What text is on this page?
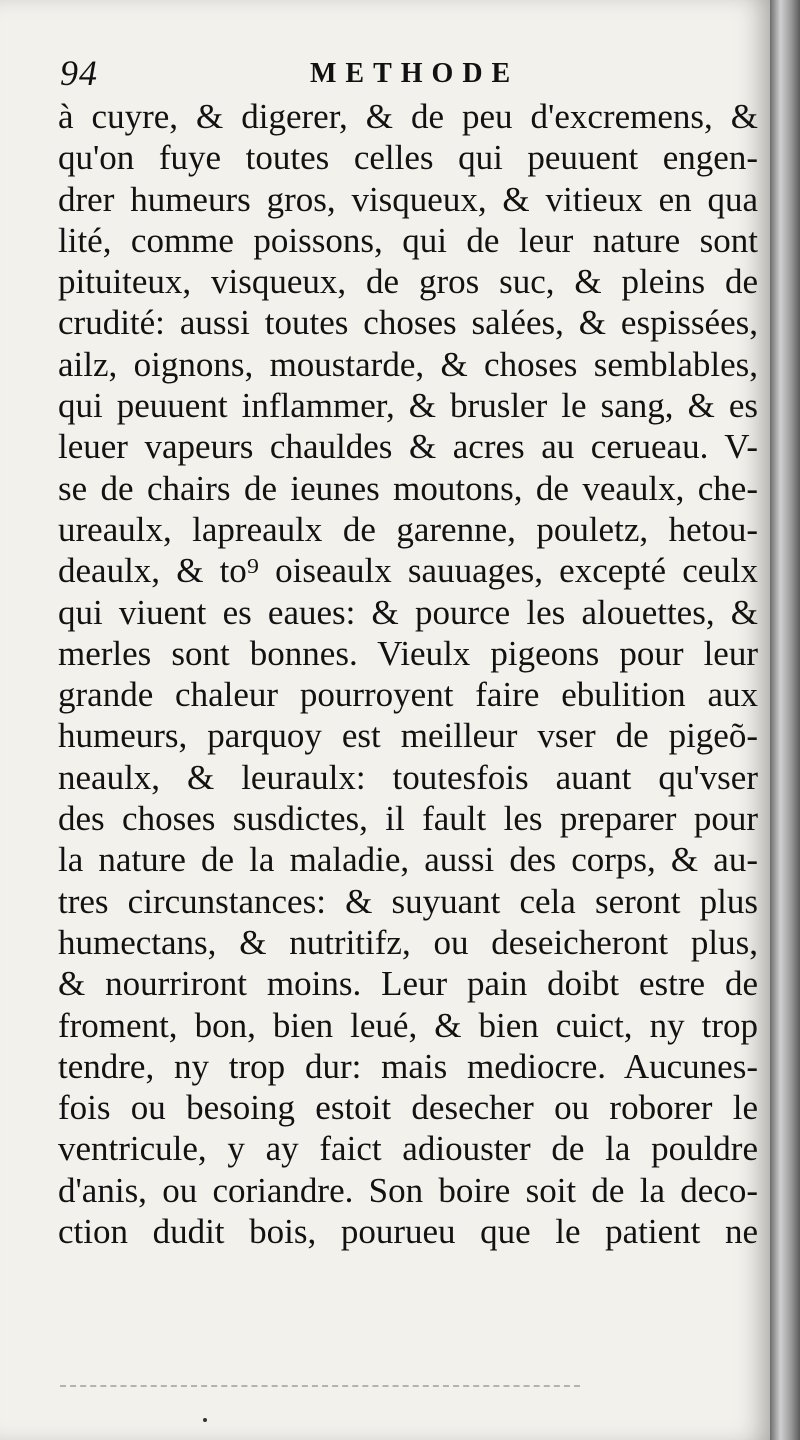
94	METHODE
à cuyre, & digerer, & de peu d'excremens, &
qu'on fuye toutes celles qui peuuent engen-
drer humeurs gros, visqueux, & vitieux en qua
lité, comme poissons, qui de leur nature sont
pituiteux, visqueux, de gros suc, & pleins de
crudité: aussi toutes choses salées, & espissées,
ailz, oignons, moustarde, & choses semblables,
qui peuuent inflammer, & brusler le sang, & es
leuer vapeurs chauldes & acres au cerueau. V-
se de chairs de ieunes moutons, de veaulx, che-
ureaulx, lapreaulx de garenne, pouletz, hetou-
deaulx, & to⁹ oiseaulx sauuages, excepté ceulx
qui viuent es eaues: & pource les alouettes, &
merles sont bonnes. Vieulx pigeons pour leur
grande chaleur pourroyent faire ebulition aux
humeurs, parquoy est meilleur vser de pigeõ-
neaulx, & leuraulx: toutesfois auant qu'vser
des choses susdictes, il fault les preparer pour
la nature de la maladie, aussi des corps, & au-
tres circunstances: & suyuant cela seront plus
humectans, & nutritifz, ou deseicheront plus,
& nourriront moins. Leur pain doibt estre de
froment, bon, bien leué, & bien cuict, ny trop
tendre, ny trop dur: mais mediocre. Aucunes-
fois ou besoing estoit desecher ou roborer le
ventricule, y ay faict adiouster de la pouldre
d'anis, ou coriandre. Son boire soit de la deco-
ction dudit bois, pourueu que le patient ne
